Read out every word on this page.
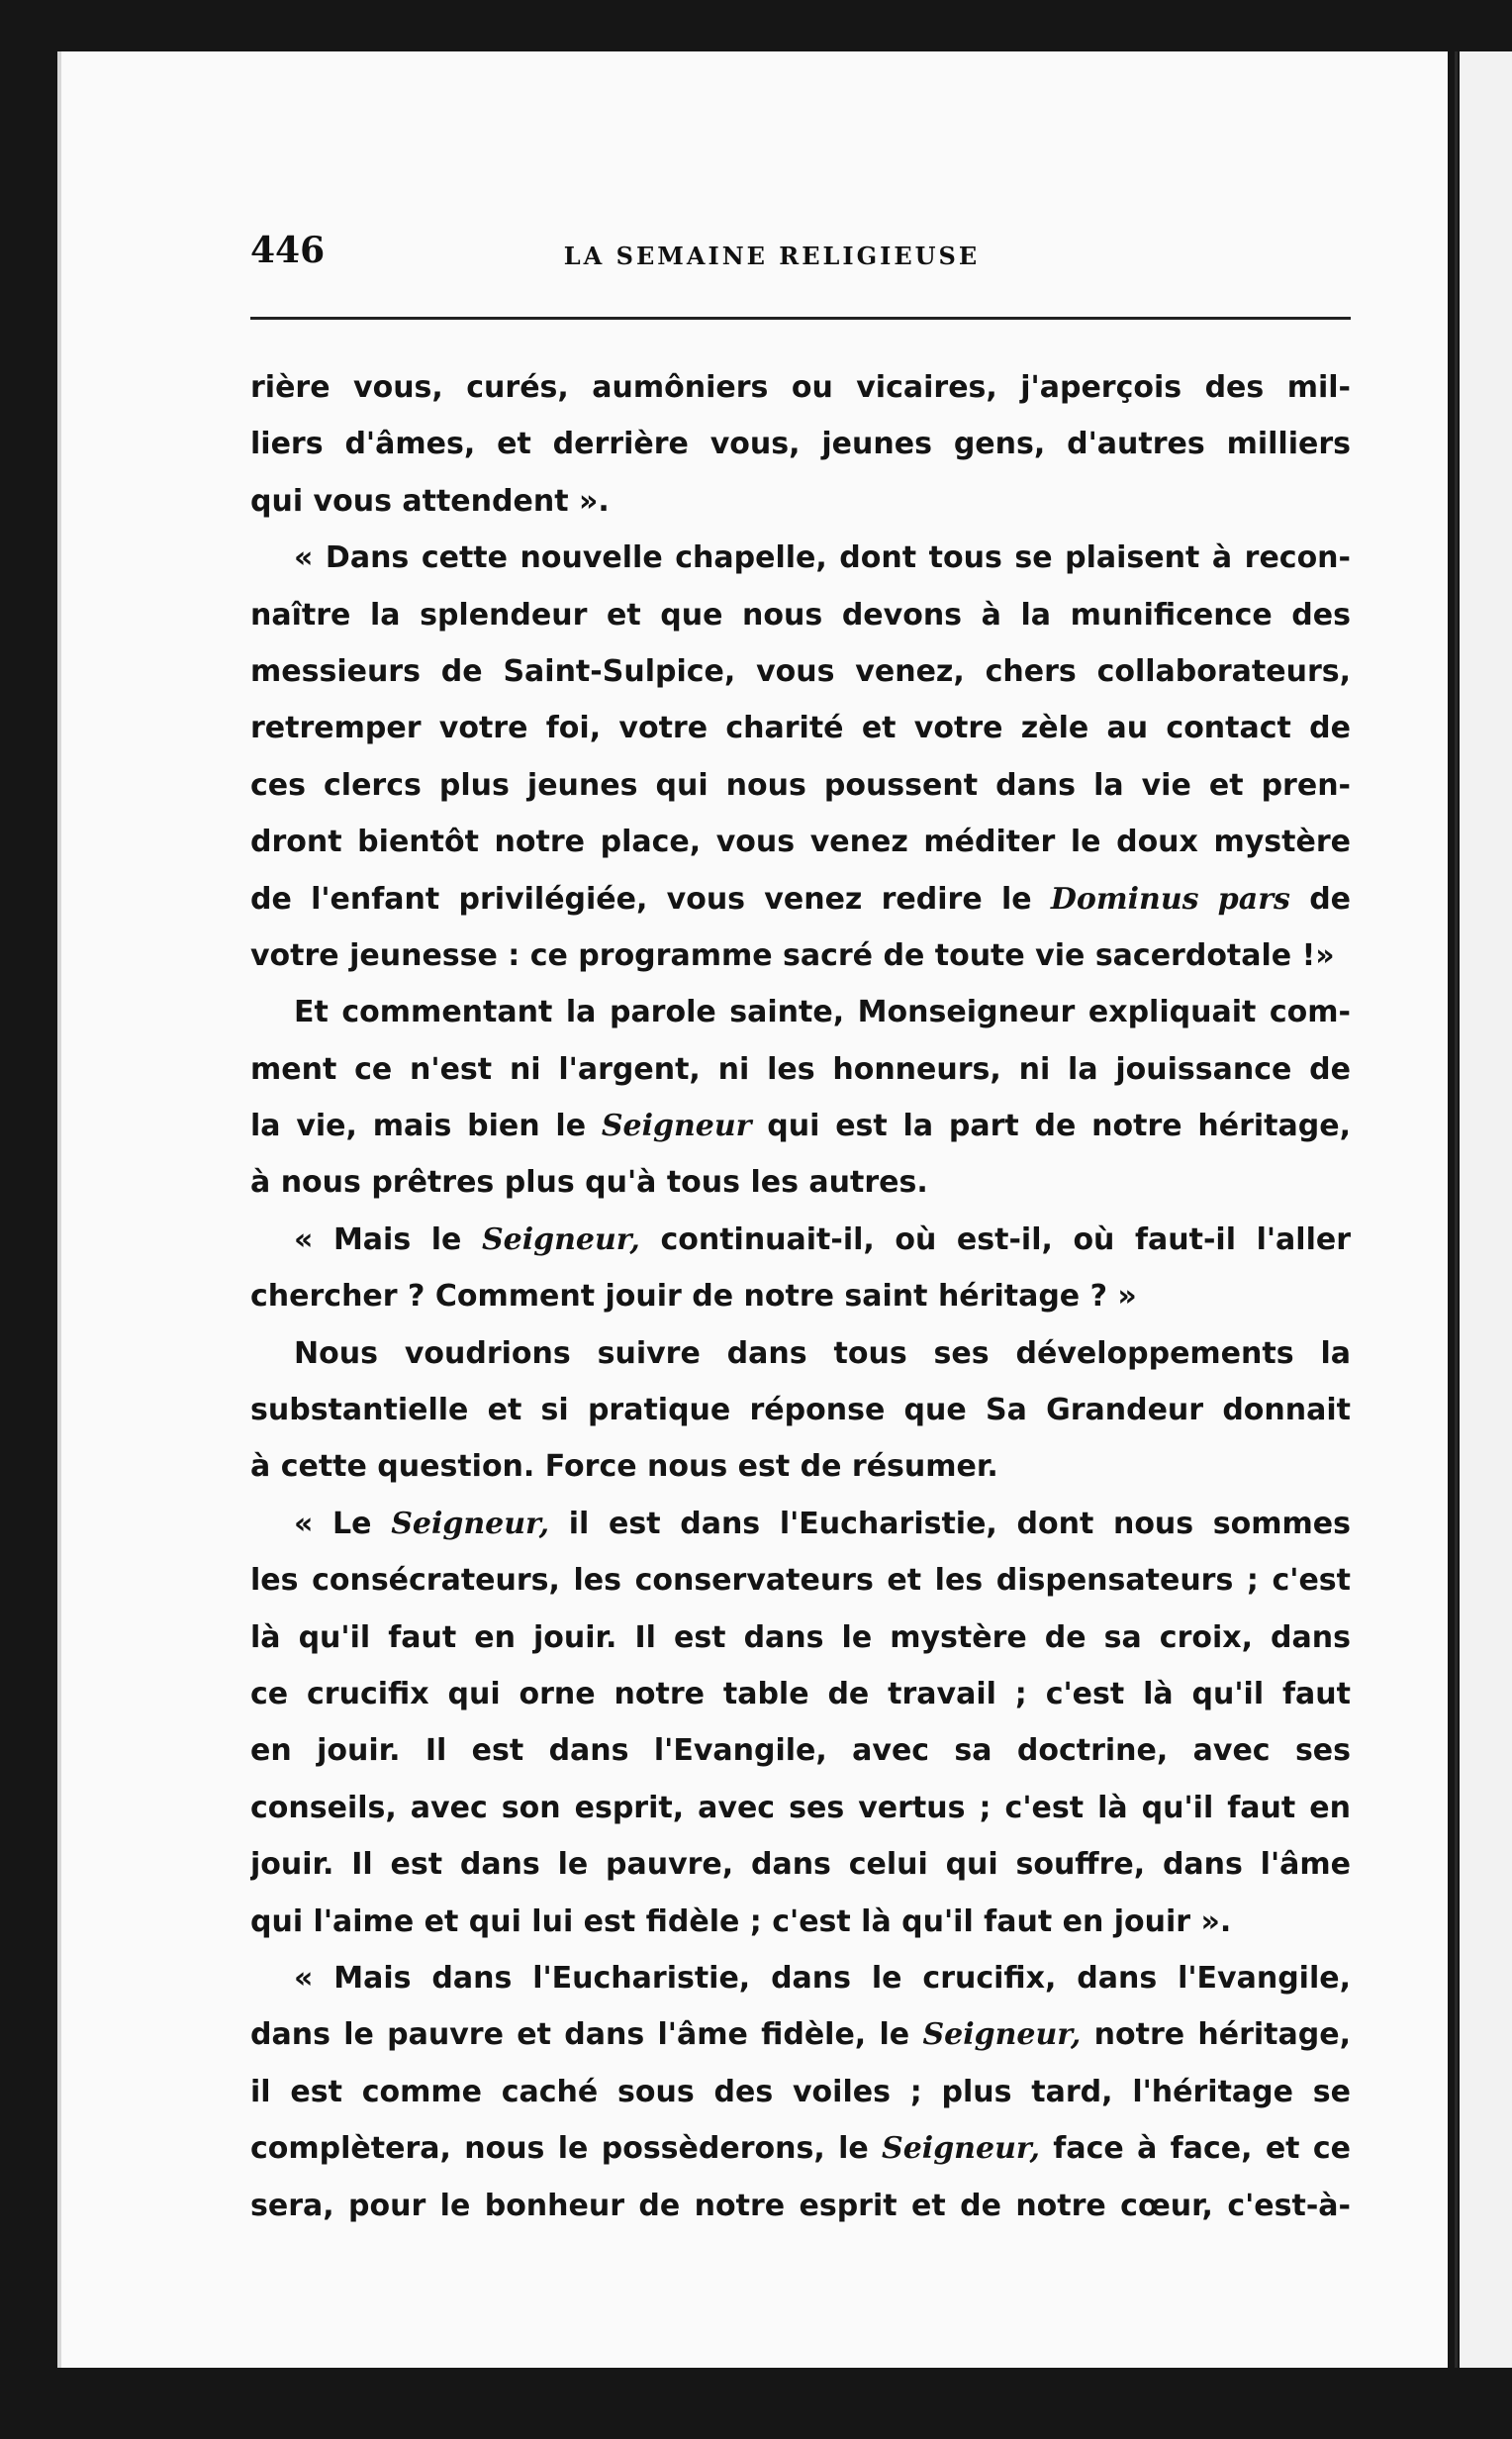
446	LA SEMAINE RELIGIEUSE
rière vous, curés, aumôniers ou vicaires, j'aperçois des mil-
liers d'âmes, et derrière vous, jeunes gens, d'autres milliers
qui vous attendent ».
« Dans cette nouvelle chapelle, dont tous se plaisent à recon-
naître la splendeur et que nous devons à la munificence des
messieurs de Saint-Sulpice, vous venez, chers collaborateurs,
retremper votre foi, votre charité et votre zèle au contact de
ces clercs plus jeunes qui nous poussent dans la vie et pren-
dront bientôt notre place, vous venez méditer le doux mystère
de l'enfant privilégiée, vous venez redire le Dominus pars de
votre jeunesse : ce programme sacré de toute vie sacerdotale !»
Et commentant la parole sainte, Monseigneur expliquait com-
ment ce n'est ni l'argent, ni les honneurs, ni la jouissance de
la vie, mais bien le Seigneur qui est la part de notre héritage,
à nous prêtres plus qu'à tous les autres.
« Mais le Seigneur, continuait-il, où est-il, où faut-il l'aller
chercher ? Comment jouir de notre saint héritage ? »
Nous voudrions suivre dans tous ses développements la
substantielle et si pratique réponse que Sa Grandeur donnait
à cette question. Force nous est de résumer.
« Le Seigneur, il est dans l'Eucharistie, dont nous sommes
les consécrateurs, les conservateurs et les dispensateurs ; c'est
là qu'il faut en jouir. Il est dans le mystère de sa croix, dans
ce crucifix qui orne notre table de travail ; c'est là qu'il faut
en jouir. Il est dans l'Evangile, avec sa doctrine, avec ses
conseils, avec son esprit, avec ses vertus ; c'est là qu'il faut en
jouir. Il est dans le pauvre, dans celui qui souffre, dans l'âme
qui l'aime et qui lui est fidèle ; c'est là qu'il faut en jouir ».
« Mais dans l'Eucharistie, dans le crucifix, dans l'Evangile,
dans le pauvre et dans l'âme fidèle, le Seigneur, notre héritage,
il est comme caché sous des voiles ; plus tard, l'héritage se
complètera, nous le possèderons, le Seigneur, face à face, et ce
sera, pour le bonheur de notre esprit et de notre cœur, c'est-à-
